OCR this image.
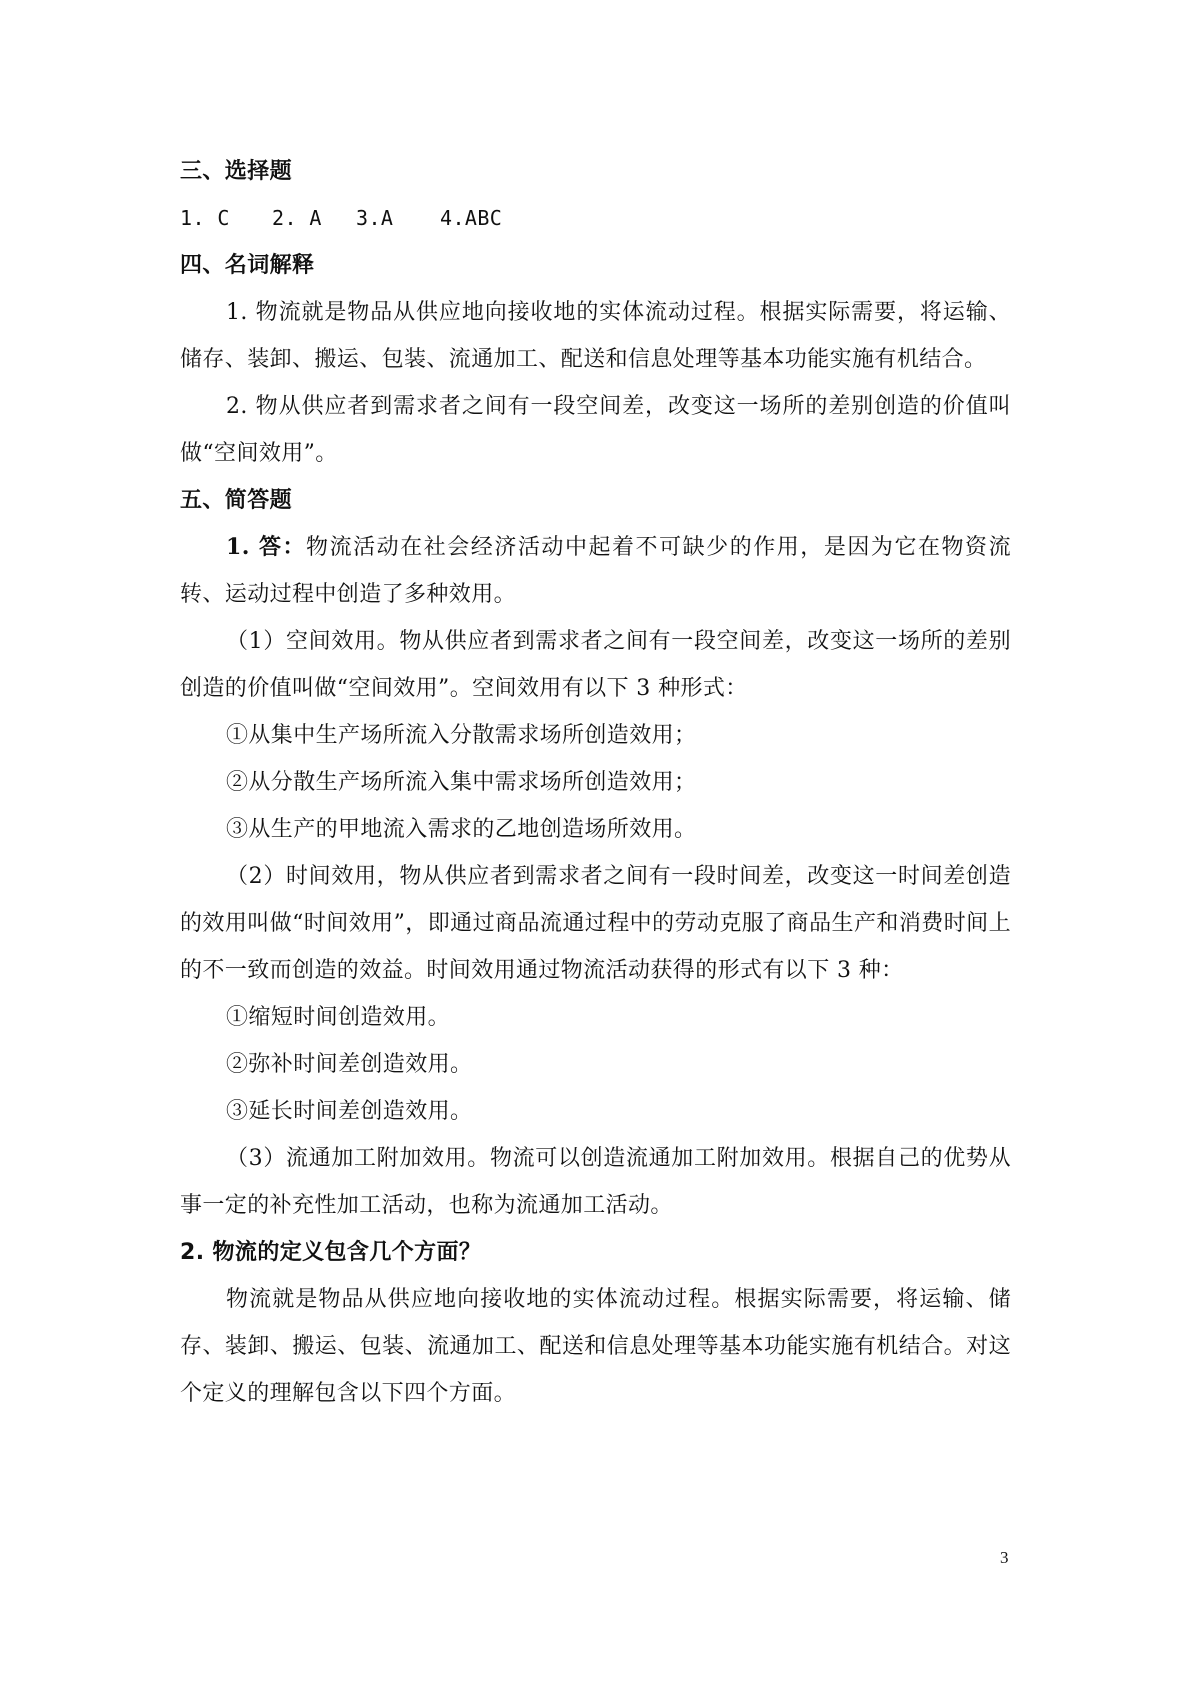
三、选择题

1. C 2. A 3.A 4.ABC

四、名词解释

1. 物流就是物品从供应地向接收地的实体流动过程。根据实际需要，将运输、储存、装卸、搬运、包装、流通加工、配送和信息处理等基本功能实施有机结合。

2. 物从供应者到需求者之间有一段空间差，改变这一场所的差别创造的价值叫做“空间效用”。

五、简答题

1. 答：物流活动在社会经济活动中起着不可缺少的作用，是因为它在物资流转、运动过程中创造了多种效用。

（1）空间效用。物从供应者到需求者之间有一段空间差，改变这一场所的差别创造的价值叫做“空间效用”。空间效用有以下 3 种形式：

①从集中生产场所流入分散需求场所创造效用；

②从分散生产场所流入集中需求场所创造效用；

③从生产的甲地流入需求的乙地创造场所效用。

（2）时间效用，物从供应者到需求者之间有一段时间差，改变这一时间差创造的效用叫做“时间效用”，即通过商品流通过程中的劳动克服了商品生产和消费时间上的不一致而创造的效益。时间效用通过物流活动获得的形式有以下 3 种：

①缩短时间创造效用。

②弥补时间差创造效用。

③延长时间差创造效用。

（3）流通加工附加效用。物流可以创造流通加工附加效用。根据自己的优势从事一定的补充性加工活动，也称为流通加工活动。

2. 物流的定义包含几个方面？

物流就是物品从供应地向接收地的实体流动过程。根据实际需要，将运输、储存、装卸、搬运、包装、流通加工、配送和信息处理等基本功能实施有机结合。对这个定义的理解包含以下四个方面。

3
